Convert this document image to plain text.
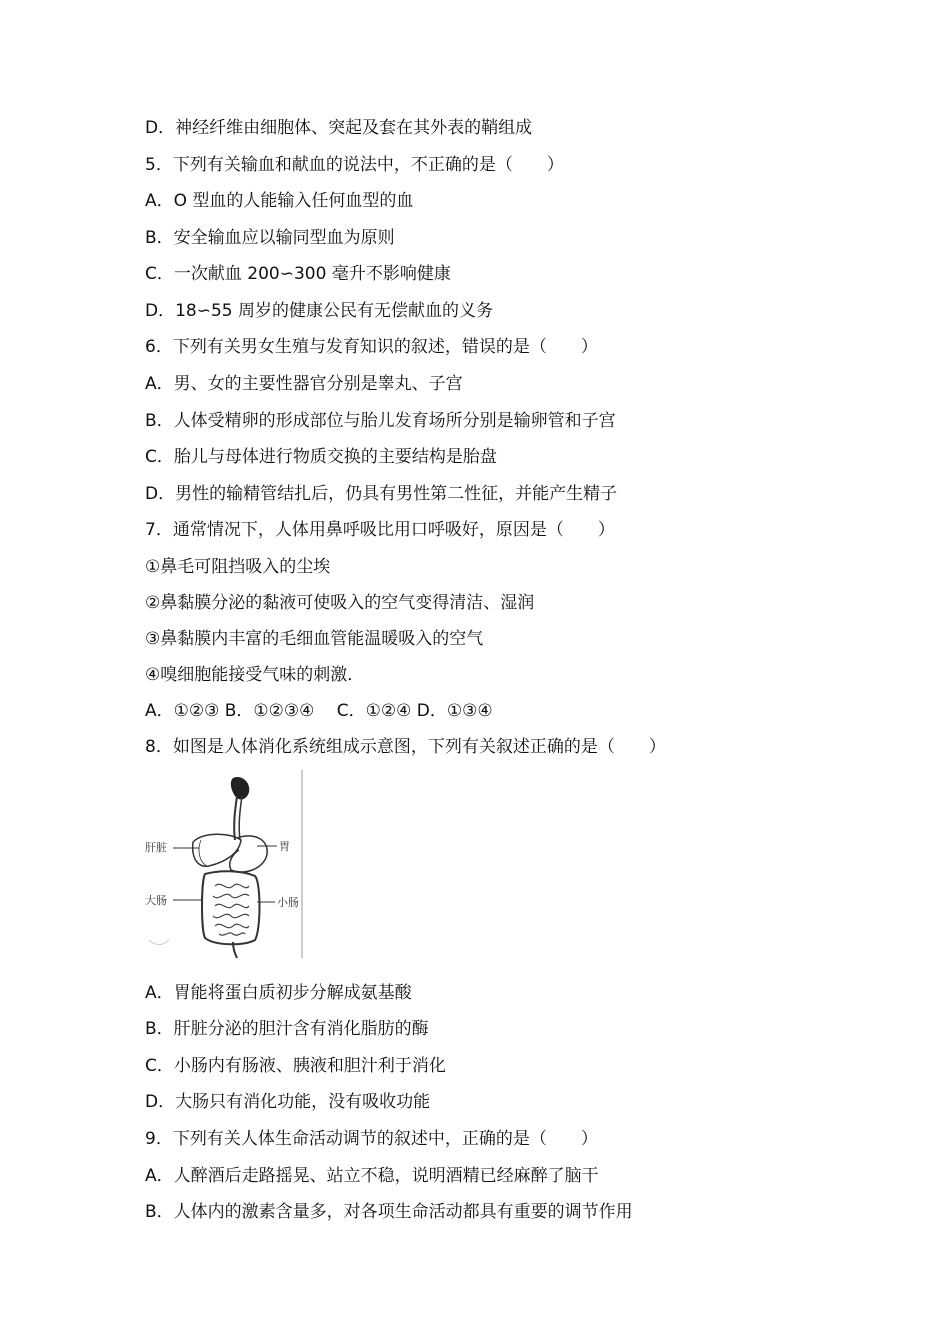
D．神经纤维由细胞体、突起及套在其外表的鞘组成
5．下列有关输血和献血的说法中，不正确的是（　　）
A．O 型血的人能输入任何血型的血
B．安全输血应以输同型血为原则
C．一次献血 200∽300 毫升不影响健康
D．18∽55 周岁的健康公民有无偿献血的义务
6．下列有关男女生殖与发育知识的叙述，错误的是（　　）
A．男、女的主要性器官分别是睾丸、子宫
B．人体受精卵的形成部位与胎儿发育场所分别是输卵管和子宫
C．胎儿与母体进行物质交换的主要结构是胎盘
D．男性的输精管结扎后，仍具有男性第二性征，并能产生精子
7．通常情况下，人体用鼻呼吸比用口呼吸好，原因是（　　）
①鼻毛可阻挡吸入的尘埃
②鼻黏膜分泌的黏液可使吸入的空气变得清洁、湿润
③鼻黏膜内丰富的毛细血管能温暖吸入的空气
④嗅细胞能接受气味的刺激．
A．①②③ B．①②③④　 C．①②④ D．①③④
8．如图是人体消化系统组成示意图，下列有关叙述正确的是（　　）
肝脏	胃
大肠	小肠
A．胃能将蛋白质初步分解成氨基酸
B．肝脏分泌的胆汁含有消化脂肪的酶
C．小肠内有肠液、胰液和胆汁利于消化
D．大肠只有消化功能，没有吸收功能
9．下列有关人体生命活动调节的叙述中，正确的是（　　）
A．人醉酒后走路摇晃、站立不稳，说明酒精已经麻醉了脑干
B．人体内的激素含量多，对各项生命活动都具有重要的调节作用
